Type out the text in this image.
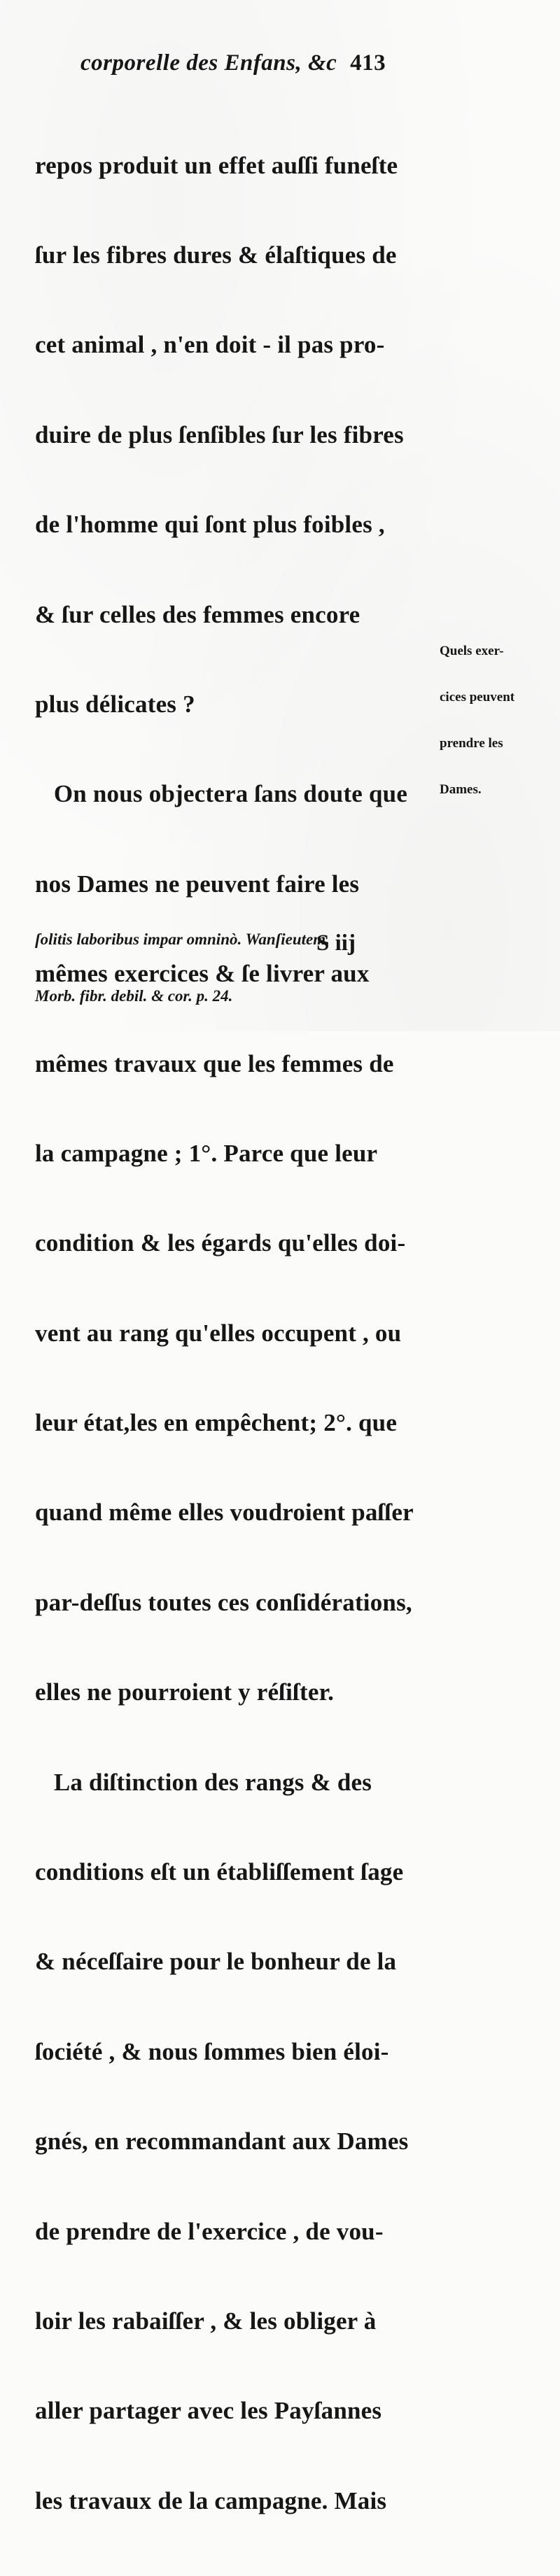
corporelle des Enfans, &c 413

repos produit un effet auſſi funeſte

ſur les fibres dures & élaſtiques de

cet animal , n'en doit - il pas pro-

duire de plus ſenſibles ſur les fibres

de l'homme qui ſont plus foibles ,

& ſur celles des femmes encore

plus délicates ?

On nous objectera ſans doute que

nos Dames ne peuvent faire les

mêmes exercices & ſe livrer aux

mêmes travaux que les femmes de

la campagne ; 1°. Parce que leur

condition & les égards qu'elles doi-

vent au rang qu'elles occupent , ou

leur état,les en empêchent; 2°. que

quand même elles voudroient paſſer

par-deſſus toutes ces conſidérations,

elles ne pourroient y réſiſter.

La diſtinction des rangs & des

conditions eſt un établiſſement ſage

& néceſſaire pour le bonheur de la

ſociété , & nous ſommes bien éloi-

gnés, en recommandant aux Dames

de prendre de l'exercice , de vou-

loir les rabaiſſer , & les obliger à

aller partager avec les Payſannes

les travaux de la campagne. Mais

Quels exer-

cices peuvent

prendre les

Dames.

ſolitis laboribus impar omninò. Wanſieutem.

Morb. fibr. debil. & cor. p. 24.

S iij
